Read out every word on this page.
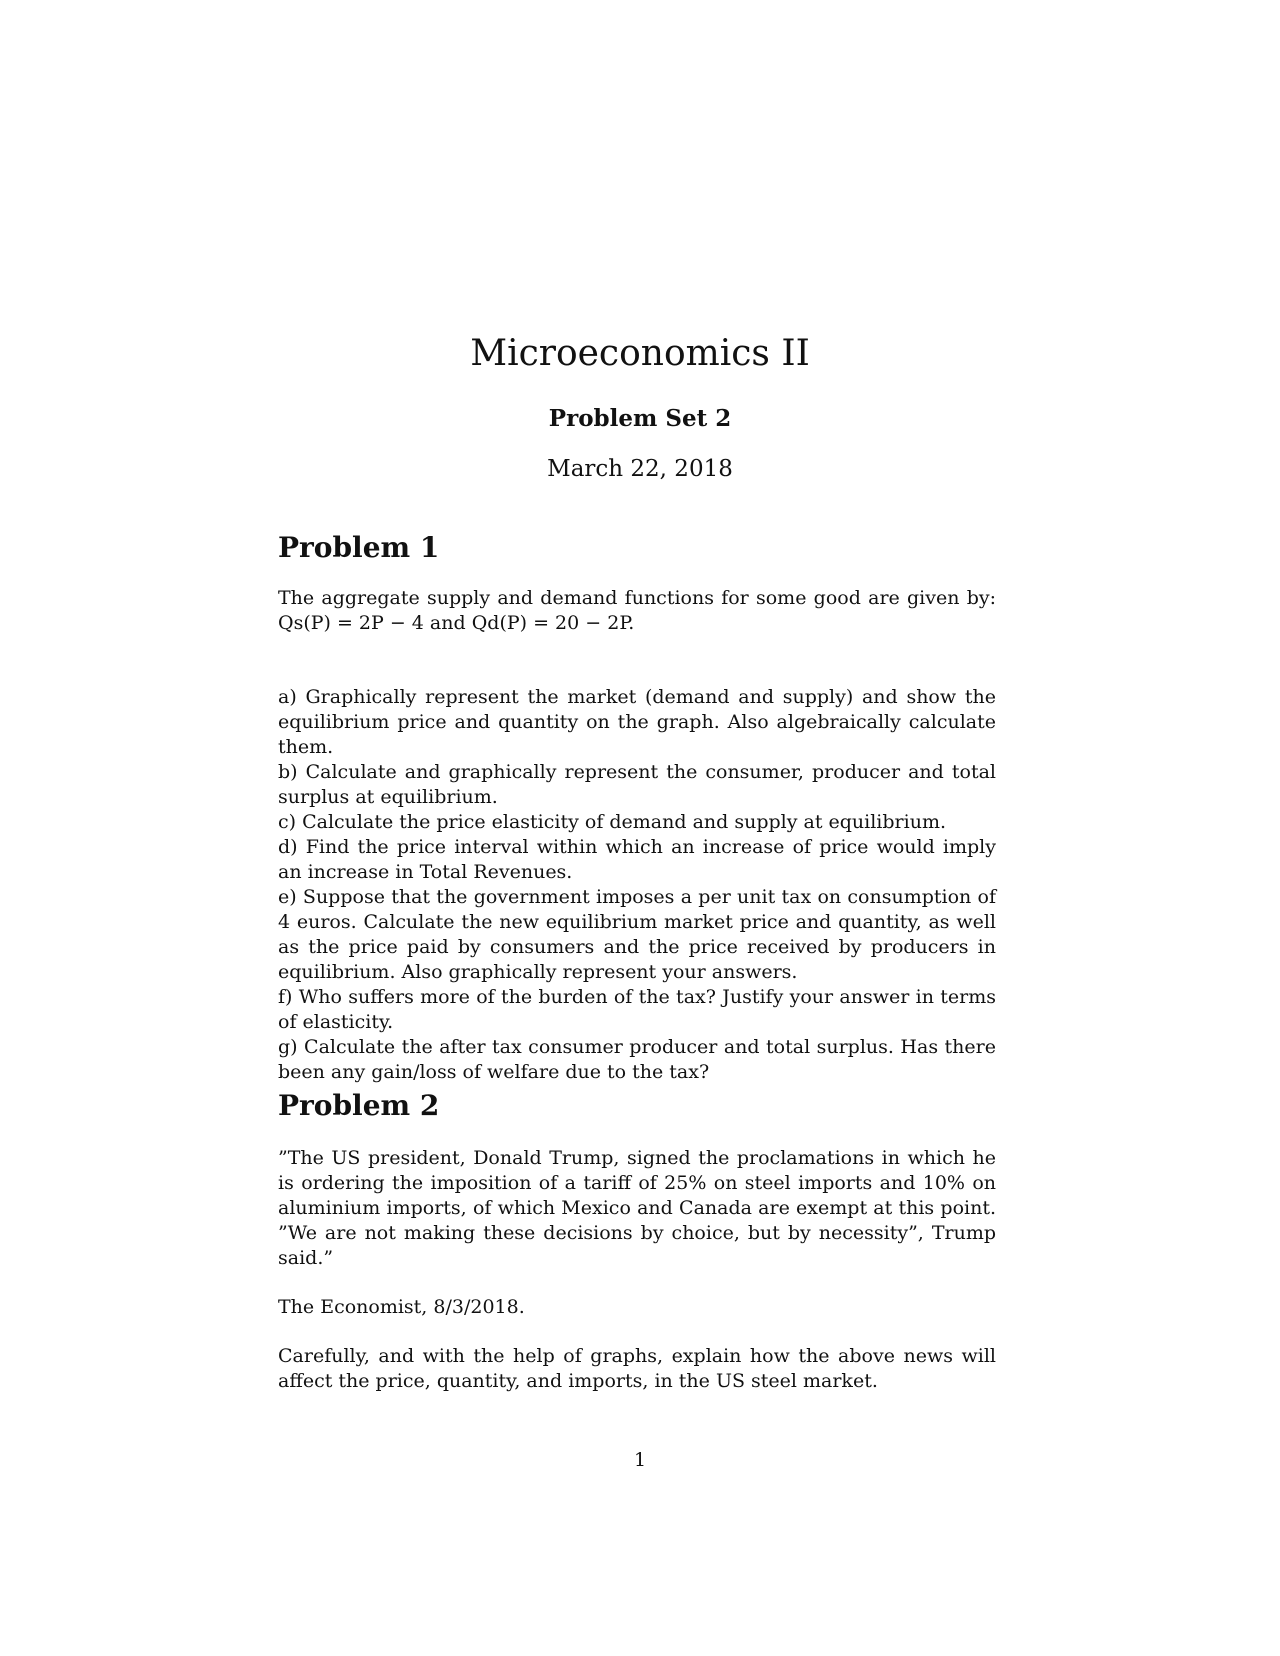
Microeconomics II
Problem Set 2
March 22, 2018
Problem 1

The aggregate supply and demand functions for some good are given by: Qs(P) = 2P − 4 and Qd(P) = 20 − 2P.

a) Graphically represent the market (demand and supply) and show the equilibrium price and quantity on the graph. Also algebraically calculate them.

b) Calculate and graphically represent the consumer, producer and total surplus at equilibrium.

c) Calculate the price elasticity of demand and supply at equilibrium.

d) Find the price interval within which an increase of price would imply an increase in Total Revenues.

e) Suppose that the government imposes a per unit tax on consumption of 4 euros. Calculate the new equilibrium market price and quantity, as well as the price paid by consumers and the price received by producers in equilibrium. Also graphically represent your answers.

f) Who suffers more of the burden of the tax? Justify your answer in terms of elasticity.

g) Calculate the after tax consumer producer and total surplus. Has there been any gain/loss of welfare due to the tax?

Problem 2

”The US president, Donald Trump, signed the proclamations in which he is ordering the imposition of a tariff of 25% on steel imports and 10% on aluminium imports, of which Mexico and Canada are exempt at this point. ”We are not making these decisions by choice, but by necessity”, Trump said.”

The Economist, 8/3/2018.

Carefully, and with the help of graphs, explain how the above news will affect the price, quantity, and imports, in the US steel market.

1
